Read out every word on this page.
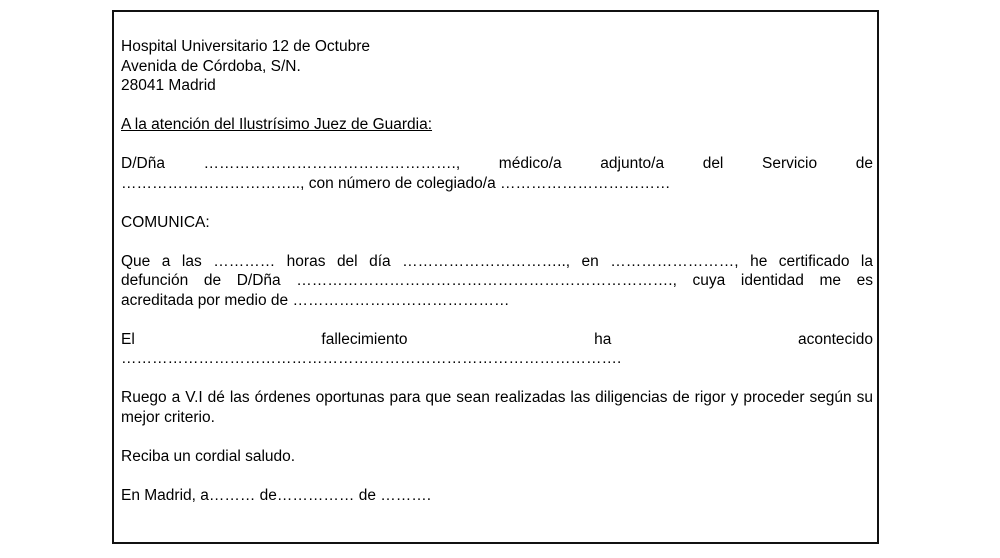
Hospital Universitario 12 de Octubre
Avenida de Córdoba, S/N.
28041 Madrid
A la atención del Ilustrísimo Juez de Guardia:
D/Dña …………………………………………., médico/a adjunto/a del Servicio de
…………………………….., con número de colegiado/a ……………………………
COMUNICA:
Que a las ………… horas del día ………………………….., en ……………………, he certificado la
defunción de D/Dña ………………………………………………………………., cuya identidad me es
acreditada por medio de ……………………………………
El fallecimiento ha acontecido
…………………………………………………………………………………….
Ruego a V.I dé las órdenes oportunas para que sean realizadas las diligencias de rigor y proceder según su mejor criterio.
Reciba un cordial saludo.
En Madrid, a……… de…………… de ……….
